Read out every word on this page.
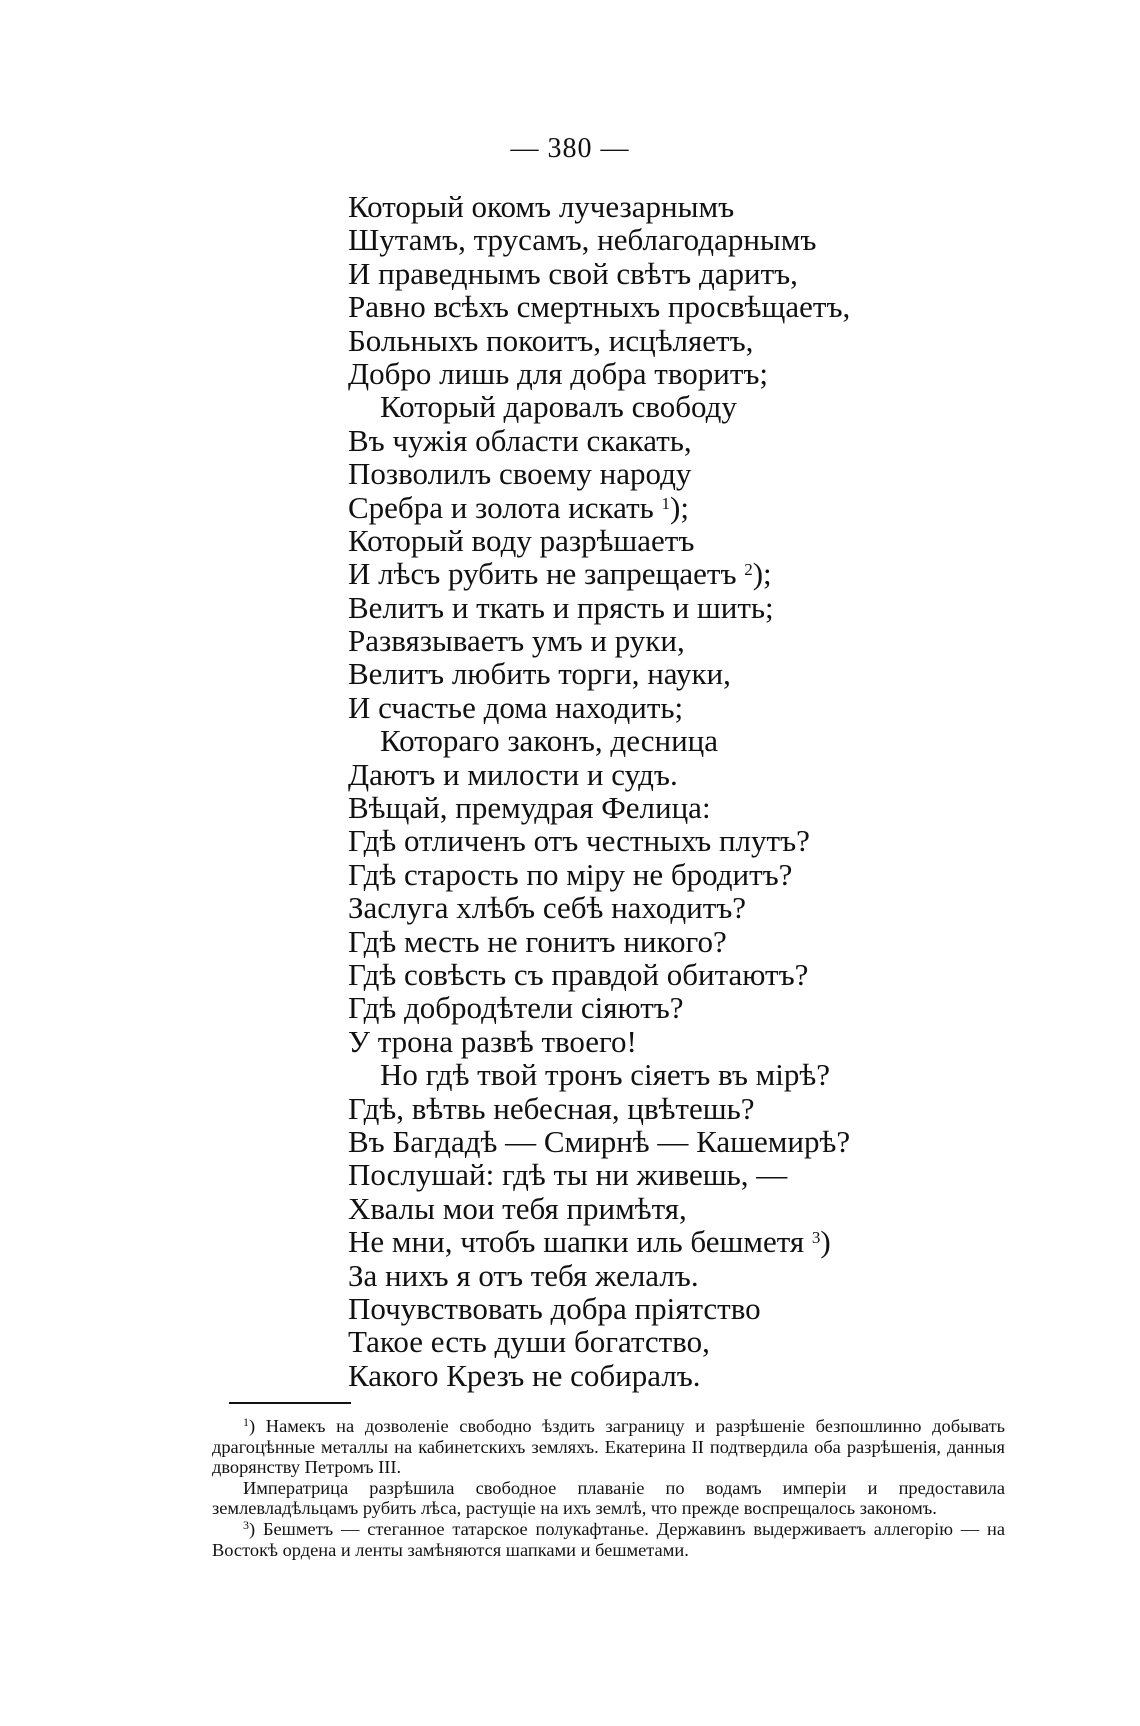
— 380 —
Который окомъ лучезарнымъ
Шутамъ, трусамъ, неблагодарнымъ
И праведнымъ свой свѣтъ даритъ,
Равно всѣхъ смертныхъ просвѣщаетъ,
Больныхъ покоитъ, исцѣляетъ,
Добро лишь для добра творитъ;
Который даровалъ свободу
Въ чужія области скакать,
Позволилъ своему народу
Сребра и золота искать $^1$);
Который воду разрѣшаетъ
И лѣсъ рубить не запрещаетъ $^2$);
Велитъ и ткать и прясть и шить;
Развязываетъ умъ и руки,
Велитъ любить торги, науки,
И счастье дома находить;
Котораго законъ, десница
Даютъ и милости и судъ.
Вѣщай, премудрая Фелица:
Гдѣ отличенъ отъ честныхъ плутъ?
Гдѣ старость по міру не бродитъ?
Заслуга хлѣбъ себѣ находитъ?
Гдѣ месть не гонитъ никого?
Гдѣ совѣсть съ правдой обитаютъ?
Гдѣ добродѣтели сіяютъ?
У трона развѣ твоего!
Но гдѣ твой тронъ сіяетъ въ мірѣ?
Гдѣ, вѣтвь небесная, цвѣтешь?
Въ Багдадѣ — Смирнѣ — Кашемирѣ?
Послушай: гдѣ ты ни живешь, —
Хвалы мои тебя примѣтя,
Не мни, чтобъ шапки иль бешметя $^3$)
За нихъ я отъ тебя желалъ.
Почувствовать добра пріятство
Такое есть души богатство,
Какого Крезъ не собиралъ.

$^1$) Намекъ на дозволеніе свободно ѣздить заграницу и разрѣшеніе безпошлинно добывать драгоцѣнные металлы на кабинетскихъ земляхъ. Екатерина II подтвердила оба разрѣшенія, данныя дворянству Петромъ III.

Императрица разрѣшила свободное плаваніе по водамъ имперіи и предоставила землевладѣльцамъ рубить лѣса, растущіе на ихъ землѣ, что прежде воспрещалось закономъ.

$^3$) Бешметъ — стеганное татарское полукафтанье. Державинъ выдерживаетъ аллегорію — на Востокѣ ордена и ленты замѣняются шапками и бешметами.
